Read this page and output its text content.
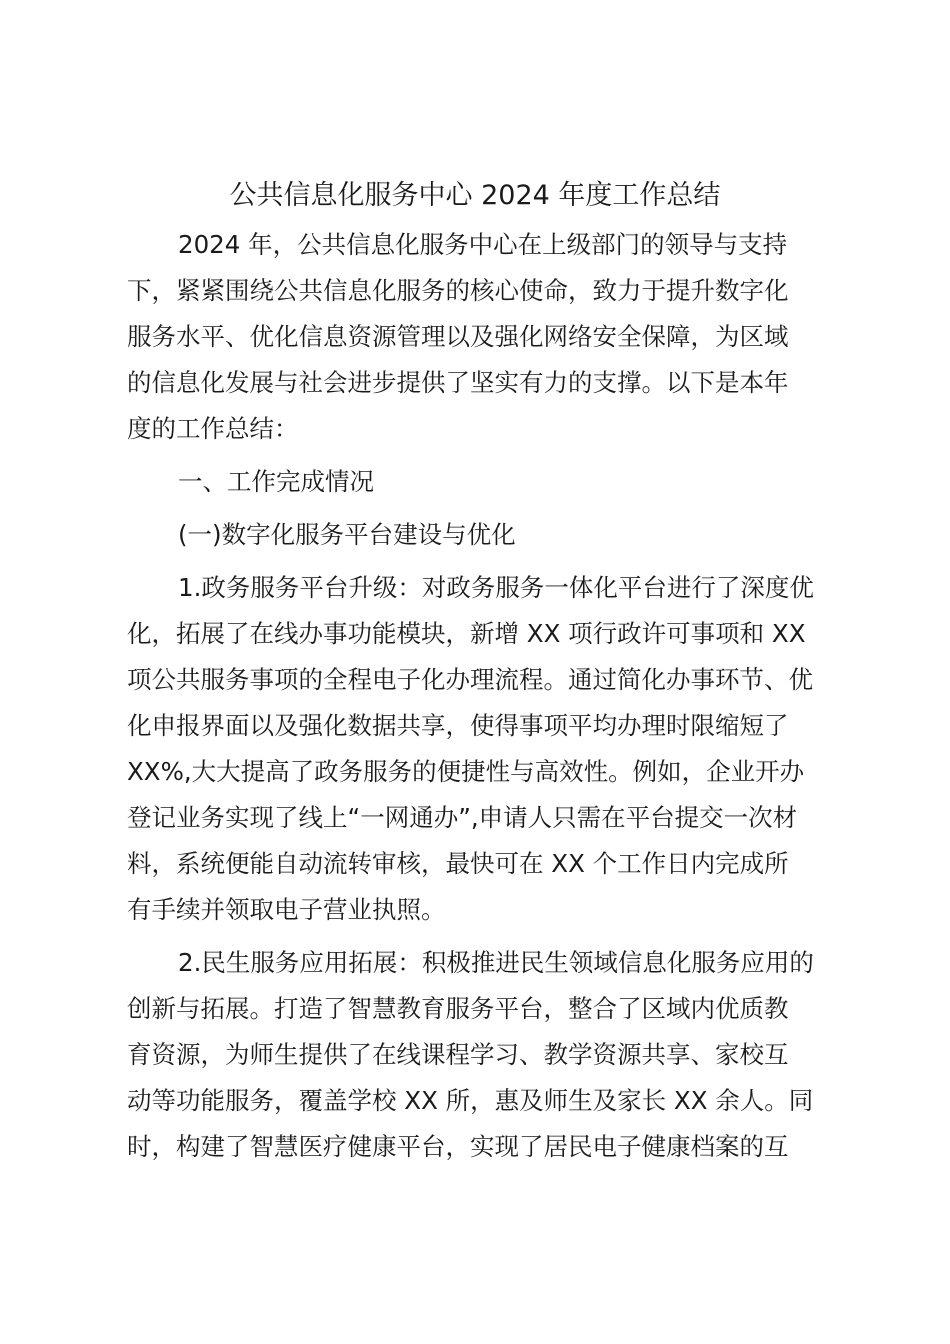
公共信息化服务中心 2024 年度工作总结

2024 年，公共信息化服务中心在上级部门的领导与支持
下，紧紧围绕公共信息化服务的核心使命，致力于提升数字化
服务水平、优化信息资源管理以及强化网络安全保障，为区域
的信息化发展与社会进步提供了坚实有力的支撑。以下是本年
度的工作总结：

一、工作完成情况

(一)数字化服务平台建设与优化

1.政务服务平台升级：对政务服务一体化平台进行了深度优
化，拓展了在线办事功能模块，新增 XX 项行政许可事项和 XX
项公共服务事项的全程电子化办理流程。通过简化办事环节、优
化申报界面以及强化数据共享，使得事项平均办理时限缩短了
XX%,大大提高了政务服务的便捷性与高效性。例如，企业开办
登记业务实现了线上“一网通办”,申请人只需在平台提交一次材
料，系统便能自动流转审核，最快可在 XX 个工作日内完成所
有手续并领取电子营业执照。

2.民生服务应用拓展：积极推进民生领域信息化服务应用的
创新与拓展。打造了智慧教育服务平台，整合了区域内优质教
育资源，为师生提供了在线课程学习、教学资源共享、家校互
动等功能服务，覆盖学校 XX 所，惠及师生及家长 XX 余人。同
时，构建了智慧医疗健康平台，实现了居民电子健康档案的互
